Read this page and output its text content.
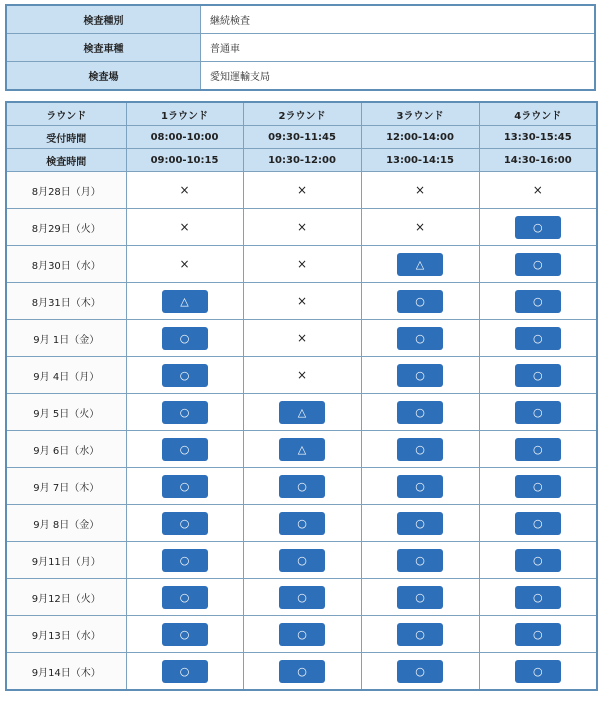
検査種別	継続検査
検査車種	普通車
検査場	愛知運輸支局
ラウンド	1ラウンド	2ラウンド	3ラウンド	4ラウンド
受付時間	08:00-10:00	09:30-11:45	12:00-14:00	13:30-15:45
検査時間	09:00-10:15	10:30-12:00	13:00-14:15	14:30-16:00
8月28日（月）	×	×	×	×
8月29日（火）	×	×	×	○
8月30日（水）	×	×	△	○
8月31日（木）	△	×	○	○
9月 1日（金）	○	×	○	○
9月 4日（月）	○	×	○	○
9月 5日（火）	○	△	○	○
9月 6日（水）	○	△	○	○
9月 7日（木）	○	○	○	○
9月 8日（金）	○	○	○	○
9月11日（月）	○	○	○	○
9月12日（火）	○	○	○	○
9月13日（水）	○	○	○	○
9月14日（木）	○	○	○	○
